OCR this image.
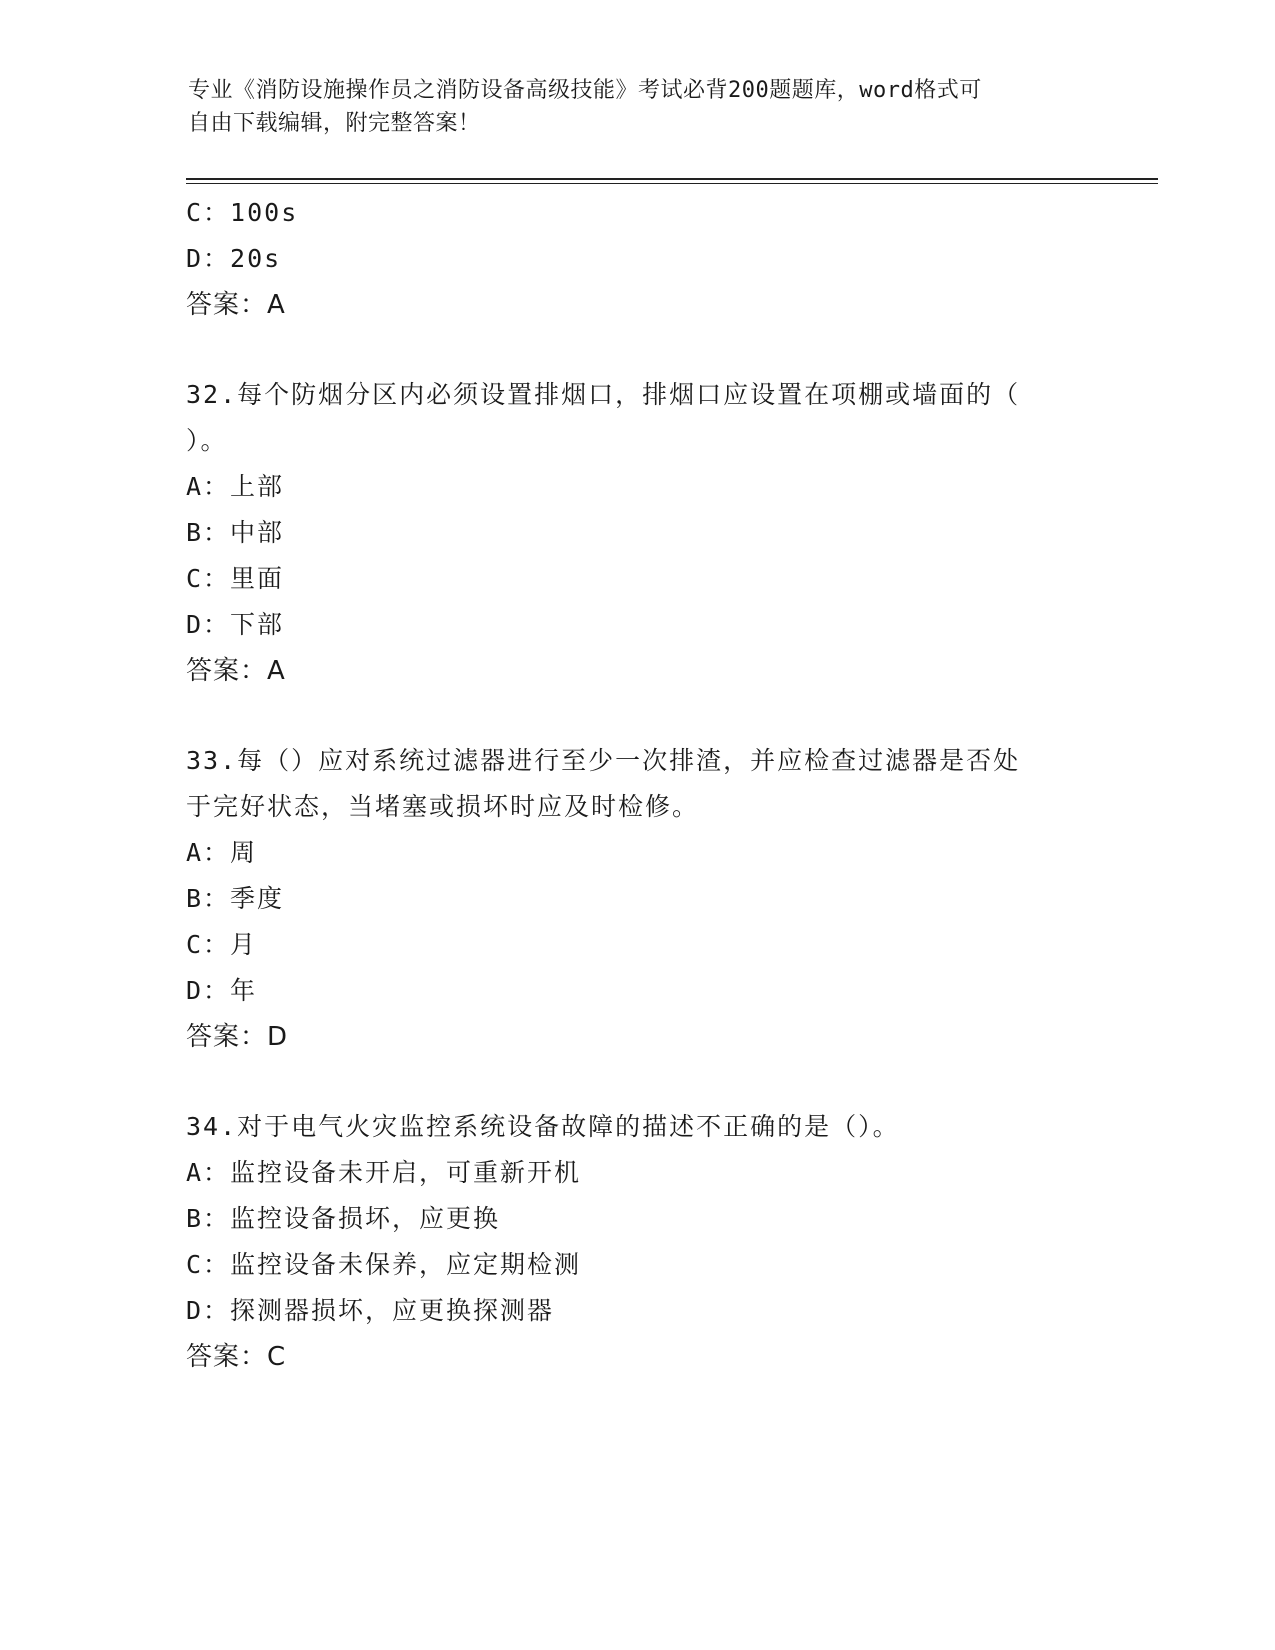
专业《消防设施操作员之消防设备高级技能》考试必背200题题库，word格式可
自由下载编辑，附完整答案！
C：100s
D：20s
答案：A
32.每个防烟分区内必须设置排烟口，排烟口应设置在项棚或墙面的（
）。
A：上部
B：中部
C：里面
D：下部
答案：A
33.每（）应对系统过滤器进行至少一次排渣，并应检查过滤器是否处
于完好状态，当堵塞或损坏时应及时检修。
A：周
B：季度
C：月
D：年
答案：D
34.对于电气火灾监控系统设备故障的描述不正确的是（）。
A：监控设备未开启，可重新开机
B：监控设备损坏，应更换
C：监控设备未保养，应定期检测
D：探测器损坏，应更换探测器
答案：C
